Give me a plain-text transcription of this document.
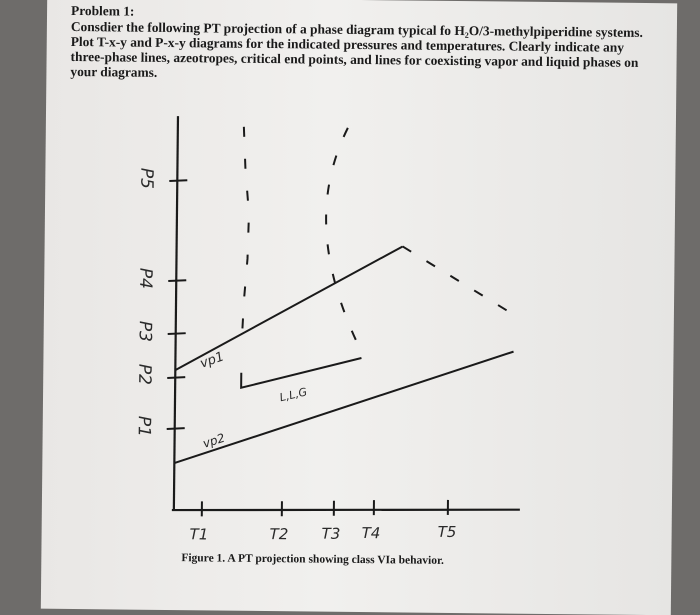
Problem 1:
Consdier the following PT projection of a phase diagram typical fo H₂O/3-methylpiperidine systems. Plot T-x-y and P-x-y diagrams for the indicated pressures and temperatures. Clearly indicate any three-phase lines, azeotropes, critical end points, and lines for coexisting vapor and liquid phases on your diagrams.
P5
P4
P3
P2
P1
T1	T2 T3 T4	T5
vp1
vp2
L,L,G
Figure 1. A PT projection showing class VIa behavior.
